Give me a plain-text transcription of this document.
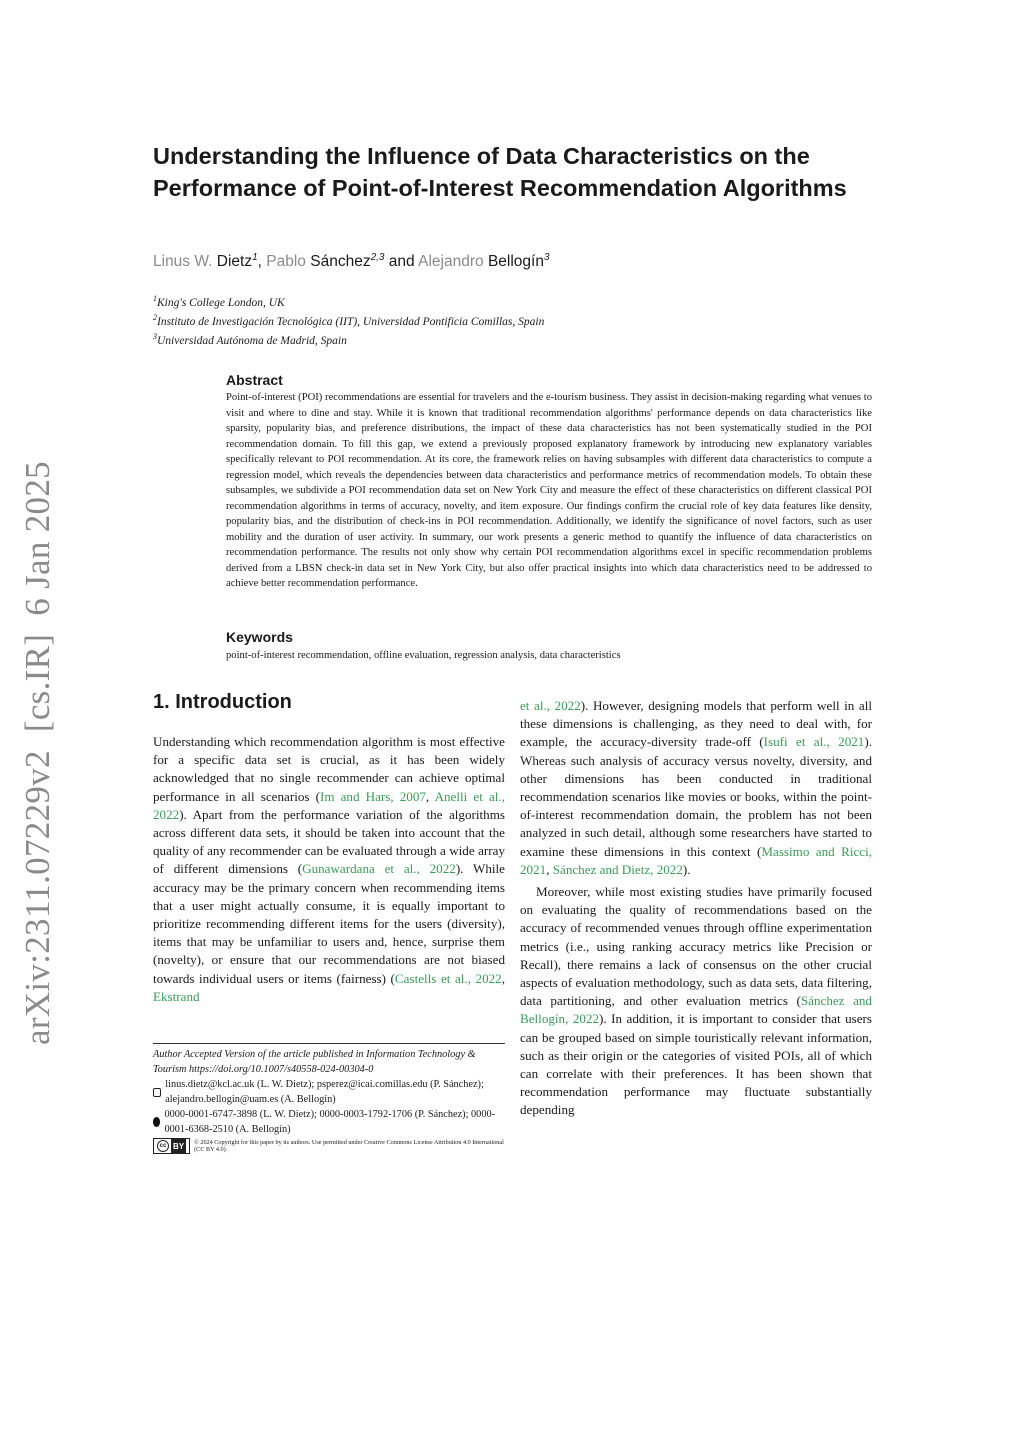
arXiv:2311.07229v2  [cs.IR]  6 Jan 2025
Understanding the Influence of Data Characteristics on the Performance of Point-of-Interest Recommendation Algorithms
Linus W. Dietz$^1$, Pablo Sánchez$^{2,3}$ and Alejandro Bellogín$^3$
$^1$King's College London, UK
$^2$Instituto de Investigación Tecnológica (IIT), Universidad Pontificia Comillas, Spain
$^3$Universidad Autónoma de Madrid, Spain
Abstract
Point-of-interest (POI) recommendations are essential for travelers and the e-tourism business. They assist in decision-making regarding what venues to visit and where to dine and stay. While it is known that traditional recommendation algorithms' performance depends on data characteristics like sparsity, popularity bias, and preference distributions, the impact of these data characteristics has not been systematically studied in the POI recommendation domain. To fill this gap, we extend a previously proposed explanatory framework by introducing new explanatory variables specifically relevant to POI recommendation. At its core, the framework relies on having subsamples with different data characteristics to compute a regression model, which reveals the dependencies between data characteristics and performance metrics of recommendation models. To obtain these subsamples, we subdivide a POI recommendation data set on New York City and measure the effect of these characteristics on different classical POI recommendation algorithms in terms of accuracy, novelty, and item exposure. Our findings confirm the crucial role of key data features like density, popularity bias, and the distribution of check-ins in POI recommendation. Additionally, we identify the significance of novel factors, such as user mobility and the duration of user activity. In summary, our work presents a generic method to quantify the influence of data characteristics on recommendation performance. The results not only show why certain POI recommendation algorithms excel in specific recommendation problems derived from a LBSN check-in data set in New York City, but also offer practical insights into which data characteristics need to be addressed to achieve better recommendation performance.
Keywords
point-of-interest recommendation, offline evaluation, regression analysis, data characteristics
1. Introduction

Understanding which recommendation algorithm is most effective for a specific data set is crucial, as it has been widely acknowledged that no single recommender can achieve optimal performance in all scenarios (Im and Hars, 2007, Anelli et al., 2022). Apart from the performance variation of the algorithms across different data sets, it should be taken into account that the quality of any recommender can be evaluated through a wide array of different dimensions (Gunawardana et al., 2022). While accuracy may be the primary concern when recommending items that a user might actually consume, it is equally important to prioritize recommending different items for the users (diversity), items that may be unfamiliar to users and, hence, surprise them (novelty), or ensure that our recommendations are not biased towards individual users or items (fairness) (Castells et al., 2022, Ekstrand

et al., 2022). However, designing models that perform well in all these dimensions is challenging, as they need to deal with, for example, the accuracy-diversity trade-off (Isufi et al., 2021). Whereas such analysis of accuracy versus novelty, diversity, and other dimensions has been conducted in traditional recommendation scenarios like movies or books, within the point-of-interest recommendation domain, the problem has not been analyzed in such detail, although some researchers have started to examine these dimensions in this context (Massimo and Ricci, 2021, Sánchez and Dietz, 2022).

Moreover, while most existing studies have primarily focused on evaluating the quality of recommendations based on the accuracy of recommended venues through offline experimentation metrics (i.e., using ranking accuracy metrics like Precision or Recall), there remains a lack of consensus on the other crucial aspects of evaluation methodology, such as data sets, data filtering, data partitioning, and other evaluation metrics (Sánchez and Bellogín, 2022). In addition, it is important to consider that users can be grouped based on simple touristically relevant information, such as their origin or the categories of visited POIs, all of which can correlate with their preferences. It has been shown that recommendation performance may fluctuate substantially depending

Author Accepted Version of the article published in Information Technology & Tourism https://doi.org/10.1007/s40558-024-00304-0
linus.dietz@kcl.ac.uk (L. W. Dietz); psperez@icai.comillas.edu (P. Sánchez); alejandro.bellogin@uam.es (A. Bellogín)
0000-0001-6747-3898 (L. W. Dietz); 0000-0003-1792-1706 (P. Sánchez); 0000-0001-6368-2510 (A. Bellogín)
cc BY	© 2024 Copyright for this paper by its authors. Use permitted under Creative Commons License Attribution 4.0 International (CC BY 4.0).
